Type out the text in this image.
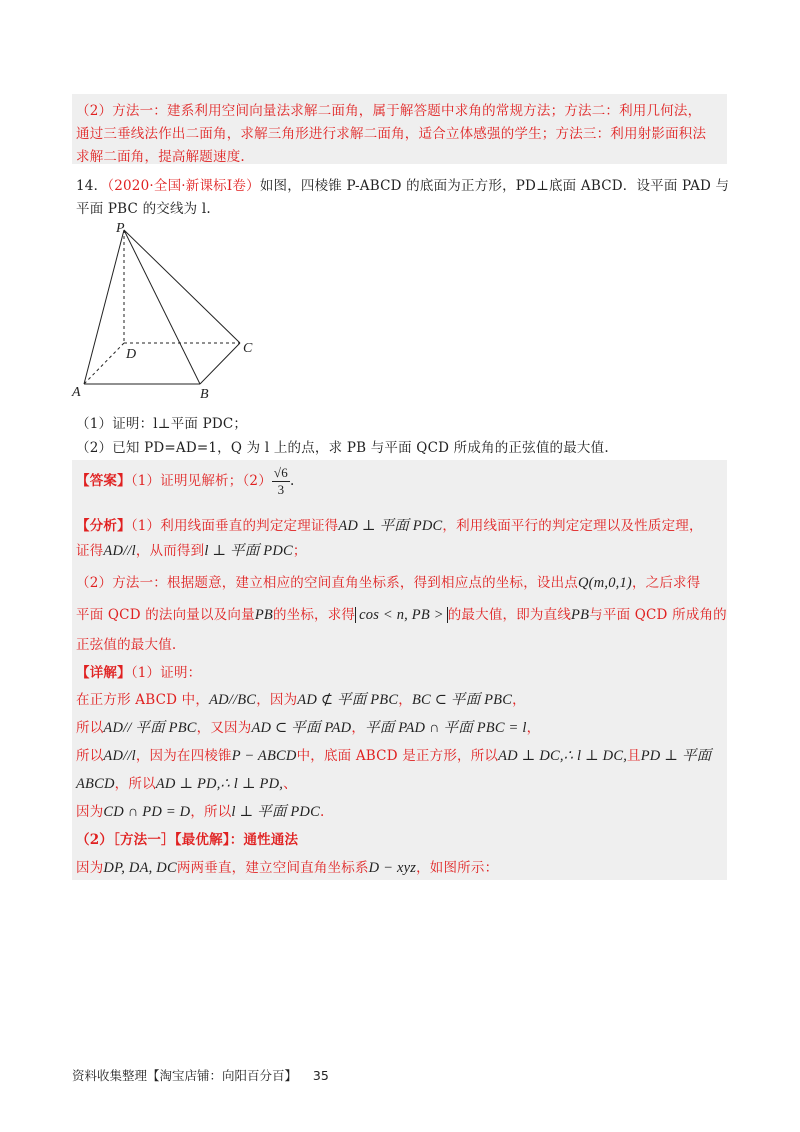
（2）方法一：建系利用空间向量法求解二面角，属于解答题中求角的常规方法；方法二：利用几何法，
通过三垂线法作出二面角，求解三角形进行求解二面角，适合立体感强的学生；方法三：利用射影面积法
求解二面角，提高解题速度.
14．（2020·全国·新课标Ⅰ卷）如图，四棱锥 P-ABCD 的底面为正方形，PD⊥底面 ABCD．设平面 PAD 与
平面 PBC 的交线为 l.
P
D	C
A	B
（1）证明：l⊥平面 PDC；
（2）已知 PD=AD=1，Q 为 l 上的点，求 PB 与平面 QCD 所成角的正弦值的最大值.
【答案】（1）证明见解析；$(2) \frac{√6}{3}$ .
【分析】（1）利用线面垂直的判定定理证得AD ⊥ 平面 PDC，利用线面平行的判定定理以及性质定理，
证得AD//l，从而得到l ⊥ 平面 PDC；
（2）方法一：根据题意，建立相应的空间直角坐标系，得到相应点的坐标，设出点Q(m,0,1)，之后求得
平面 QCD 的法向量以及向量PB的坐标，求得 cos < n, PB > 的最大值，即为直线PB与平面 QCD 所成角的
正弦值的最大值.
【详解】（1）证明：
在正方形 ABCD 中，AD//BC，因为AD ⊄ 平面 PBC，BC ⊂ 平面 PBC，
所以AD// 平面 PBC，又因为AD ⊂ 平面 PAD，平面 PAD ∩ 平面 PBC = l，
所以AD//l，因为在四棱锥P − ABCD中，底面 ABCD 是正方形，所以AD ⊥ DC,∴ l ⊥ DC,且PD ⊥ 平面
ABCD，所以AD ⊥ PD,∴ l ⊥ PD,、
因为CD ∩ PD = D，所以l ⊥ 平面 PDC.
（2）［方法一］【最优解】：通性通法
因为DP, DA, DC两两垂直，建立空间直角坐标系D − xyz，如图所示：
资料收集整理【淘宝店铺：向阳百分百】 35
